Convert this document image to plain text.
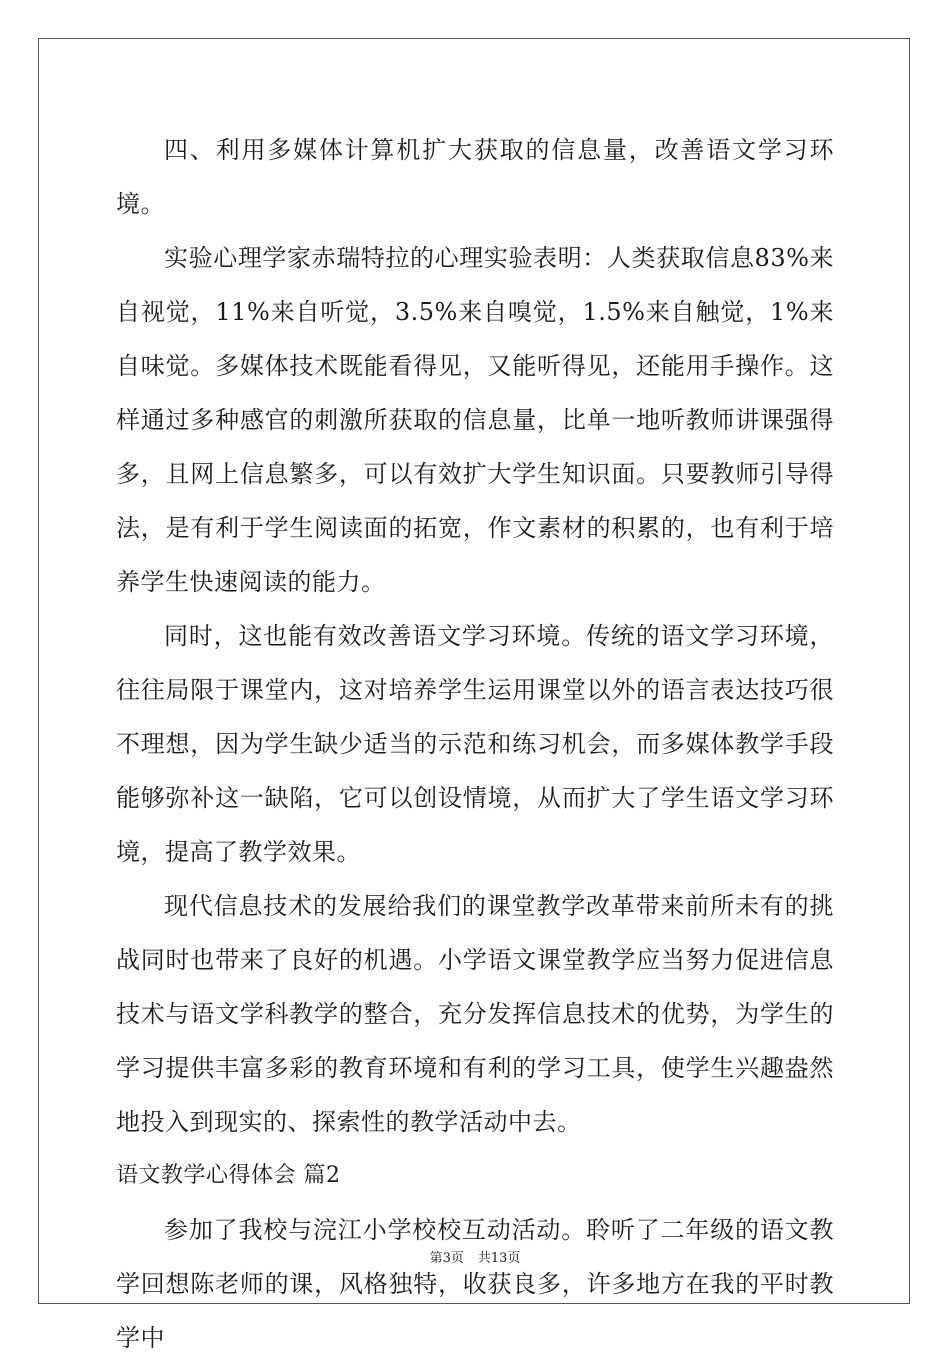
四、利用多媒体计算机扩大获取的信息量，改善语文学习环境。

实验心理学家赤瑞特拉的心理实验表明：人类获取信息83%来自视觉，11%来自听觉，3.5%来自嗅觉，1.5%来自触觉，1%来自味觉。多媒体技术既能看得见，又能听得见，还能用手操作。这样通过多种感官的刺激所获取的信息量，比单一地听教师讲课强得多，且网上信息繁多，可以有效扩大学生知识面。只要教师引导得法，是有利于学生阅读面的拓宽，作文素材的积累的，也有利于培养学生快速阅读的能力。

同时，这也能有效改善语文学习环境。传统的语文学习环境，往往局限于课堂内，这对培养学生运用课堂以外的语言表达技巧很不理想，因为学生缺少适当的示范和练习机会，而多媒体教学手段能够弥补这一缺陷，它可以创设情境，从而扩大了学生语文学习环境，提高了教学效果。

现代信息技术的发展给我们的课堂教学改革带来前所未有的挑战同时也带来了良好的机遇。小学语文课堂教学应当努力促进信息技术与语文学科教学的整合，充分发挥信息技术的优势，为学生的学习提供丰富多彩的教育环境和有利的学习工具，使学生兴趣盎然地投入到现实的、探索性的教学活动中去。

语文教学心得体会 篇2

参加了我校与浣江小学校校互动活动。聆听了二年级的语文教学回想陈老师的课，风格独特，收获良多，许多地方在我的平时教学中

第3页 共13页
